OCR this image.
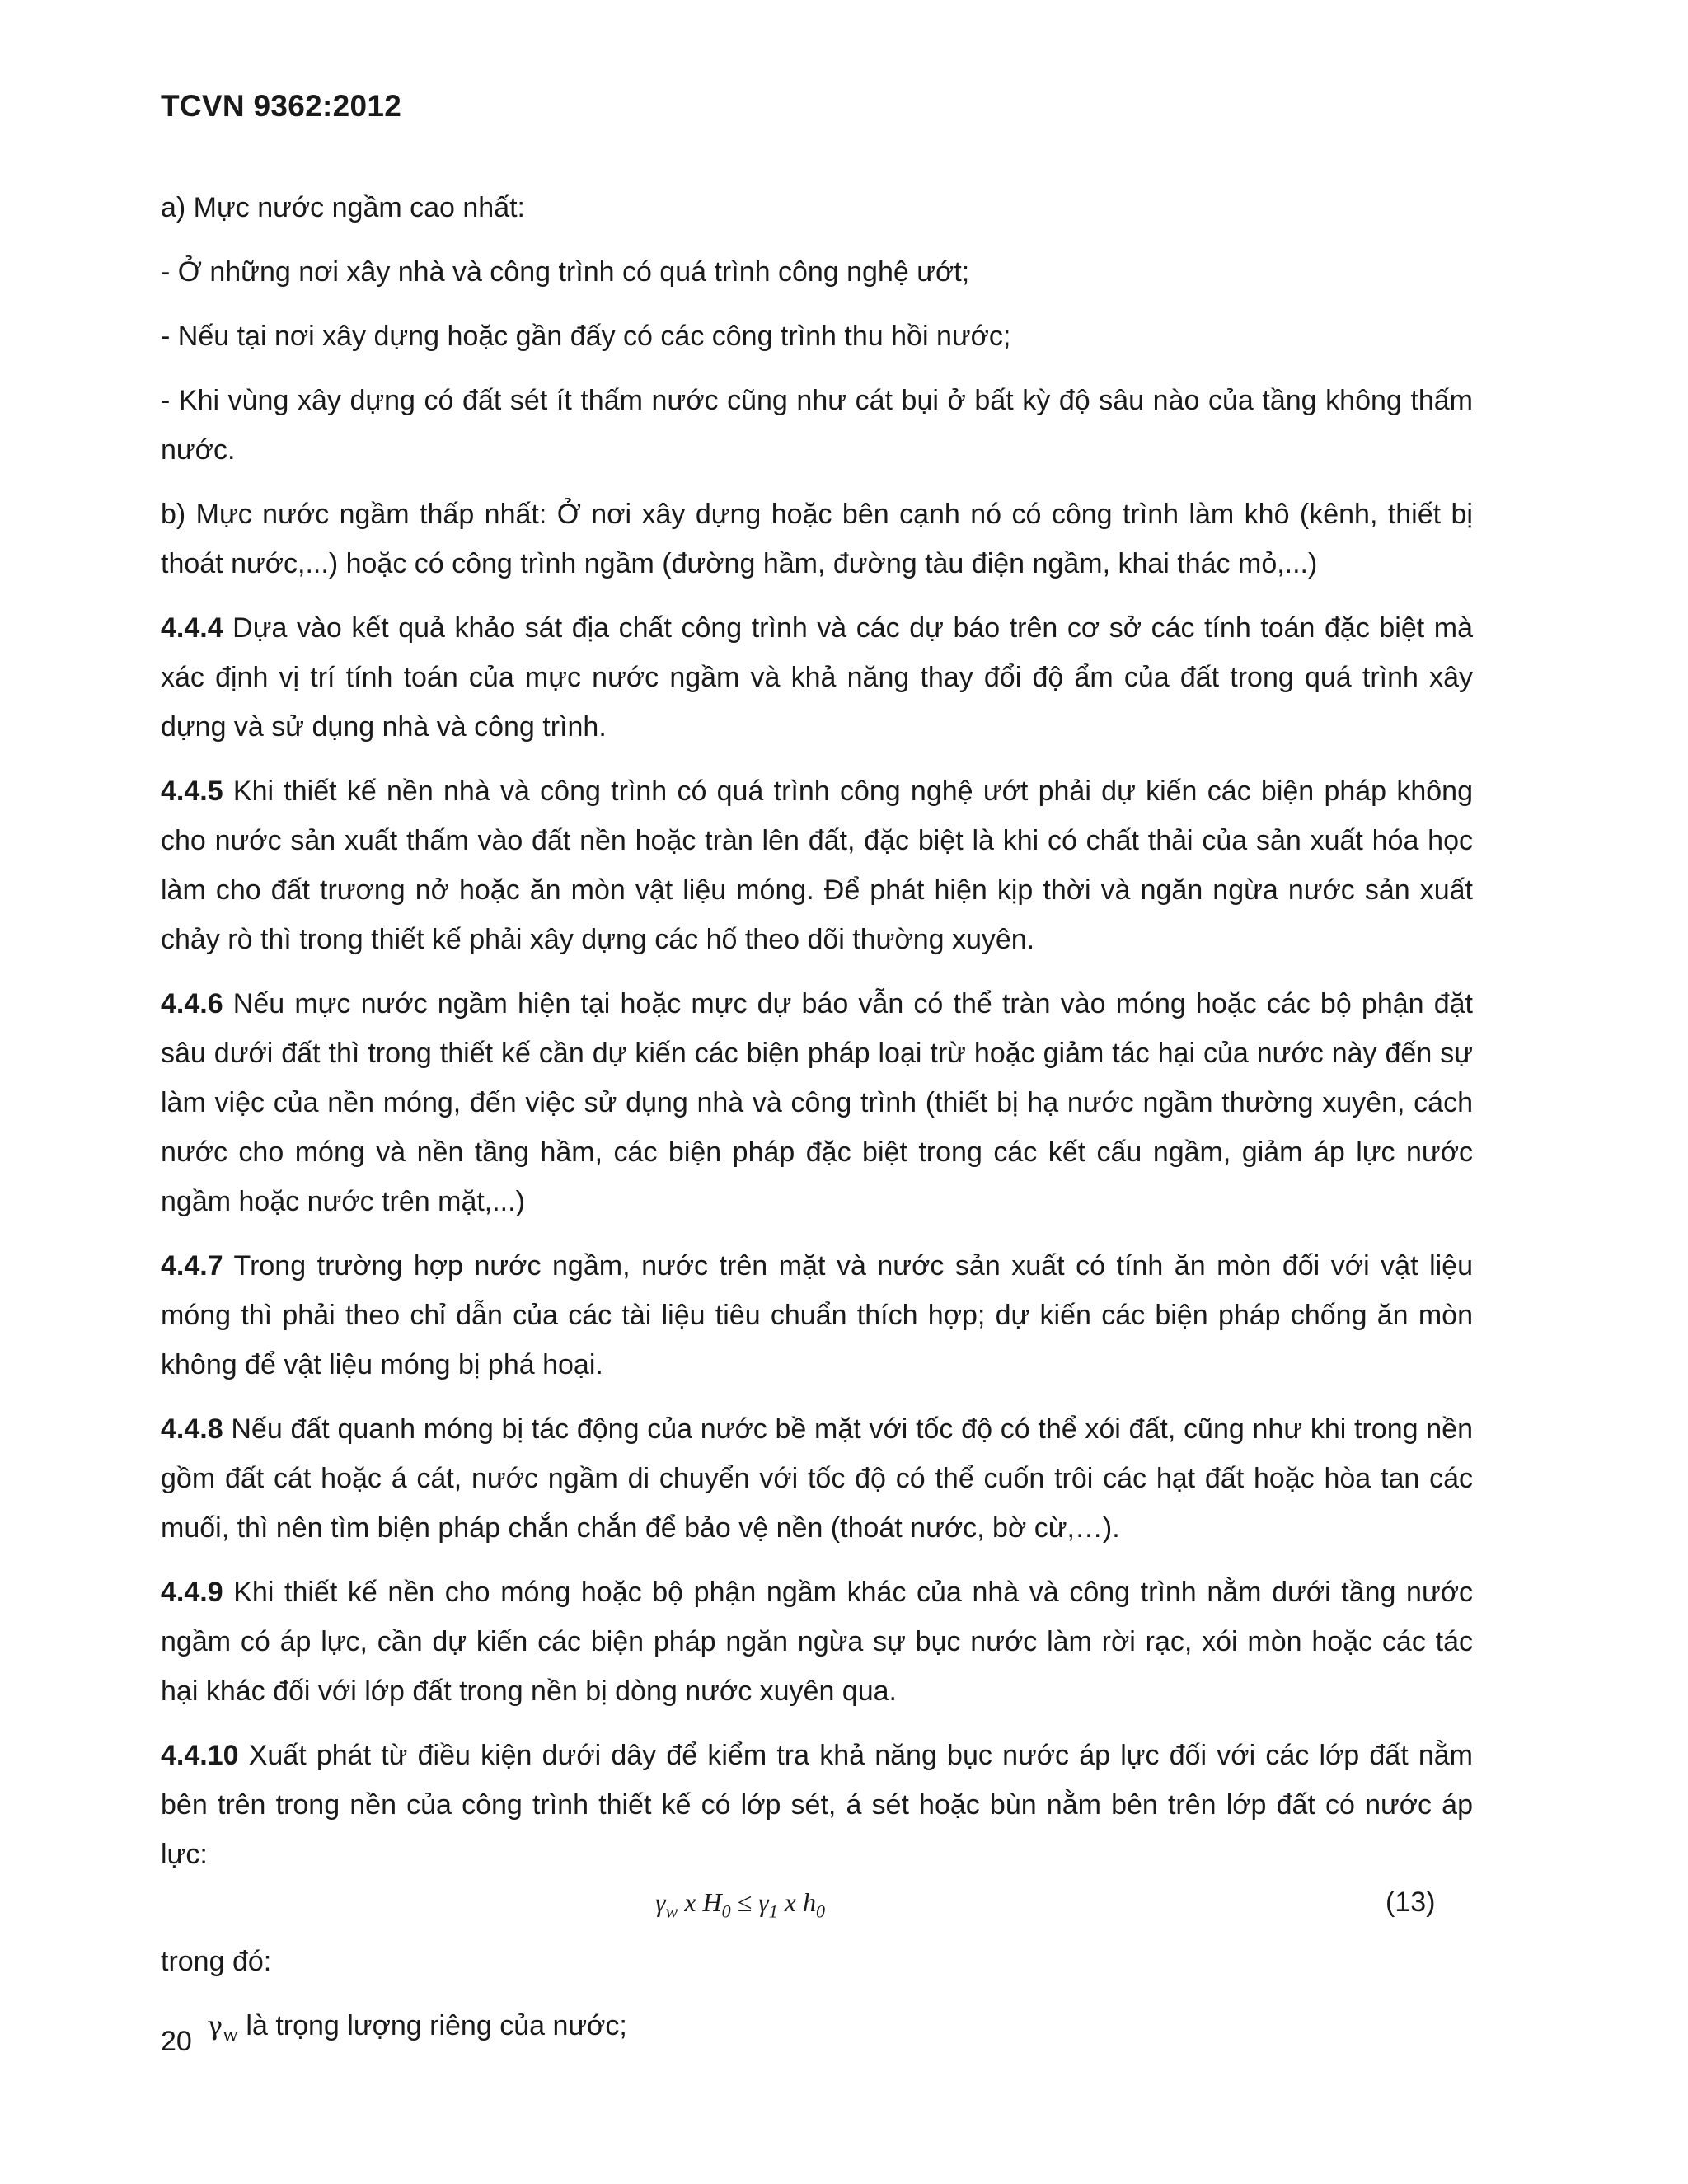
TCVN 9362:2012

a) Mực nước ngầm cao nhất:

- Ở những nơi xây nhà và công trình có quá trình công nghệ ướt;

- Nếu tại nơi xây dựng hoặc gần đấy có các công trình thu hồi nước;

- Khi vùng xây dựng có đất sét ít thấm nước cũng như cát bụi ở bất kỳ độ sâu nào của tầng không thấm nước.

b) Mực nước ngầm thấp nhất: Ở nơi xây dựng hoặc bên cạnh nó có công trình làm khô (kênh, thiết bị thoát nước,...) hoặc có công trình ngầm (đường hầm, đường tàu điện ngầm, khai thác mỏ,...)

4.4.4 Dựa vào kết quả khảo sát địa chất công trình và các dự báo trên cơ sở các tính toán đặc biệt mà xác định vị trí tính toán của mực nước ngầm và khả năng thay đổi độ ẩm của đất trong quá trình xây dựng và sử dụng nhà và công trình.

4.4.5 Khi thiết kế nền nhà và công trình có quá trình công nghệ ướt phải dự kiến các biện pháp không cho nước sản xuất thấm vào đất nền hoặc tràn lên đất, đặc biệt là khi có chất thải của sản xuất hóa học làm cho đất trương nở hoặc ăn mòn vật liệu móng. Để phát hiện kịp thời và ngăn ngừa nước sản xuất chảy rò thì trong thiết kế phải xây dựng các hố theo dõi thường xuyên.

4.4.6 Nếu mực nước ngầm hiện tại hoặc mực dự báo vẫn có thể tràn vào móng hoặc các bộ phận đặt sâu dưới đất thì trong thiết kế cần dự kiến các biện pháp loại trừ hoặc giảm tác hại của nước này đến sự làm việc của nền móng, đến việc sử dụng nhà và công trình (thiết bị hạ nước ngầm thường xuyên, cách nước cho móng và nền tầng hầm, các biện pháp đặc biệt trong các kết cấu ngầm, giảm áp lực nước ngầm hoặc nước trên mặt,...)

4.4.7 Trong trường hợp nước ngầm, nước trên mặt và nước sản xuất có tính ăn mòn đối với vật liệu móng thì phải theo chỉ dẫn của các tài liệu tiêu chuẩn thích hợp; dự kiến các biện pháp chống ăn mòn không để vật liệu móng bị phá hoại.

4.4.8 Nếu đất quanh móng bị tác động của nước bề mặt với tốc độ có thể xói đất, cũng như khi trong nền gồm đất cát hoặc á cát, nước ngầm di chuyển với tốc độ có thể cuốn trôi các hạt đất hoặc hòa tan các muối, thì nên tìm biện pháp chắn chắn để bảo vệ nền (thoát nước, bờ cừ,…).

4.4.9 Khi thiết kế nền cho móng hoặc bộ phận ngầm khác của nhà và công trình nằm dưới tầng nước ngầm có áp lực, cần dự kiến các biện pháp ngăn ngừa sự bục nước làm rời rạc, xói mòn hoặc các tác hại khác đối với lớp đất trong nền bị dòng nước xuyên qua.

4.4.10 Xuất phát từ điều kiện dưới dây để kiểm tra khả năng bục nước áp lực đối với các lớp đất nằm bên trên trong nền của công trình thiết kế có lớp sét, á sét hoặc bùn nằm bên trên lớp đất có nước áp lực:

$\gamma_w$ x $H_0 \le \gamma_1$ x $h_0$	(13)

trong đó:

$\gamma_w$ là trọng lượng riêng của nước;

20
